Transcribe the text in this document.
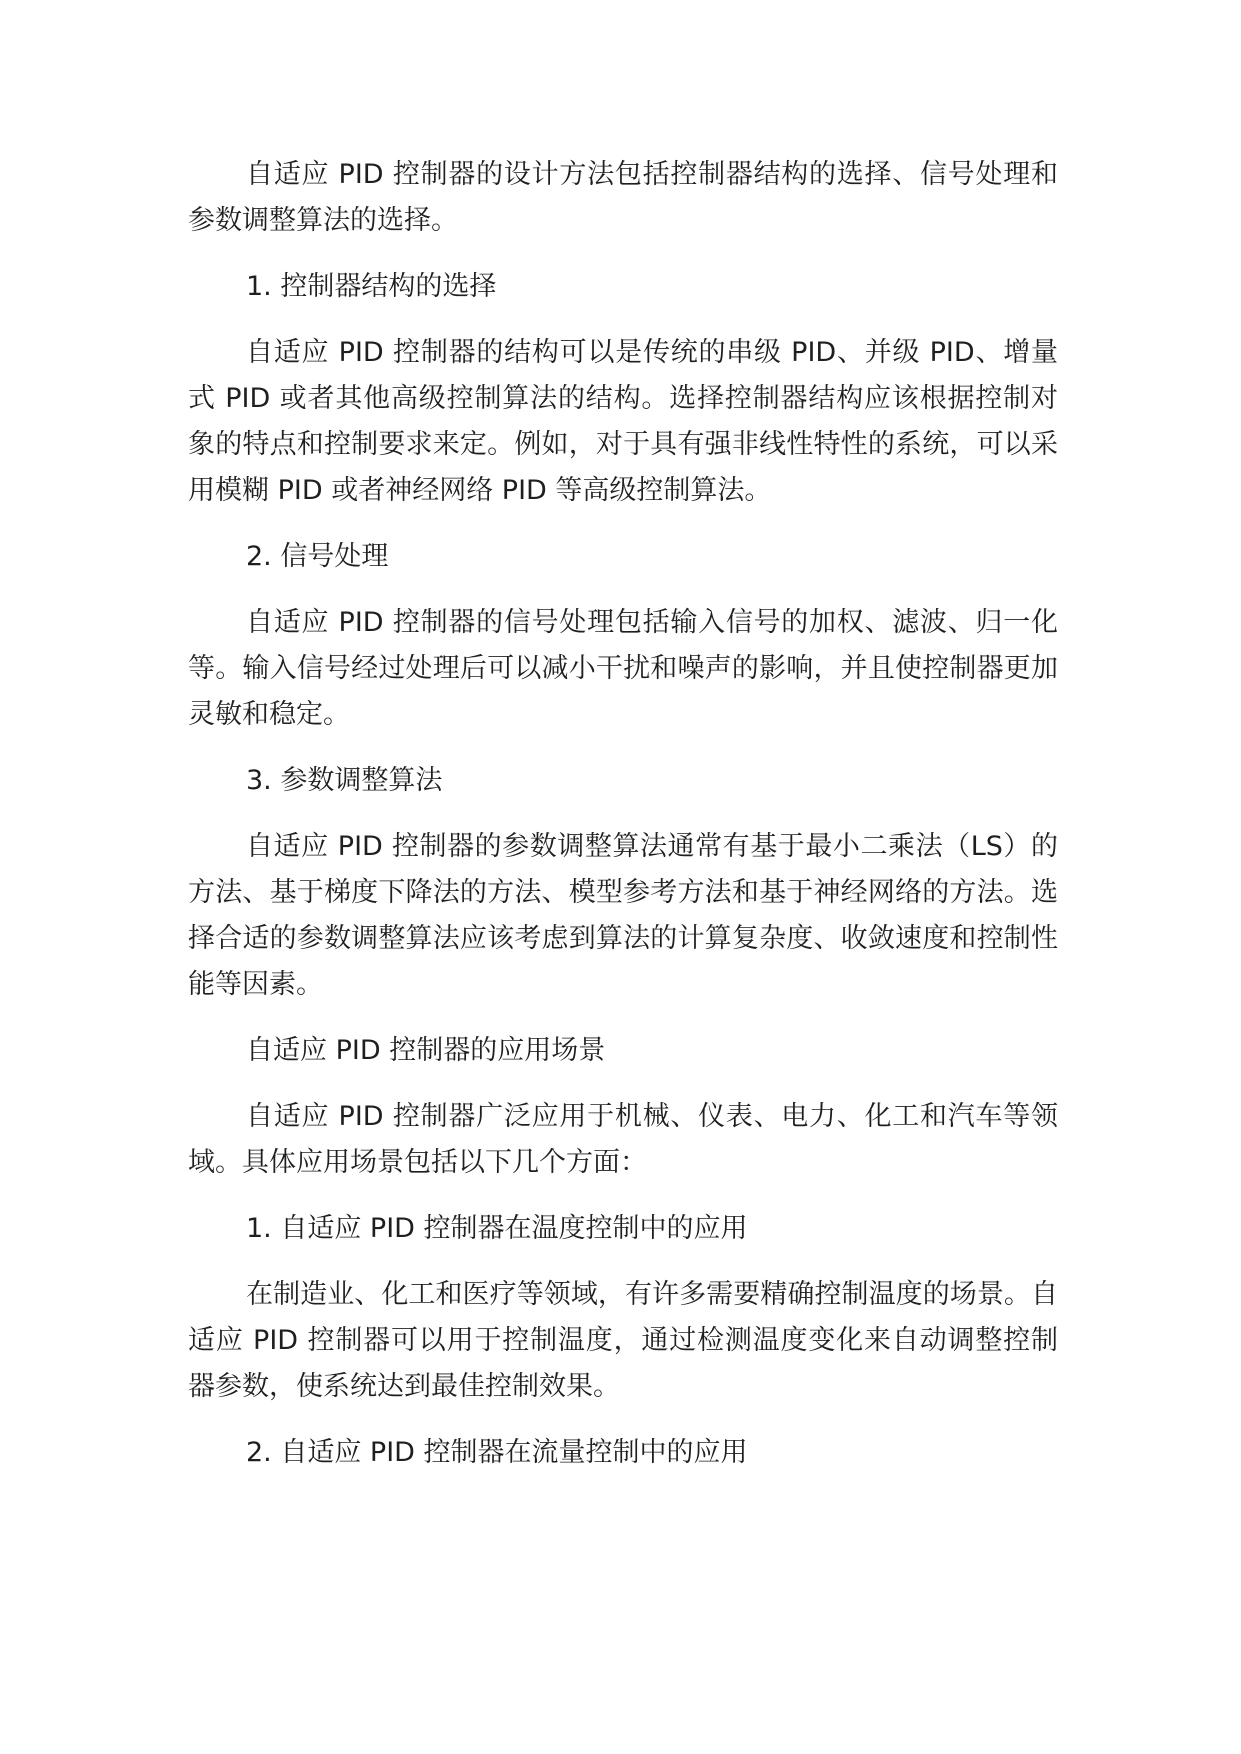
自适应 PID 控制器的设计方法包括控制器结构的选择、信号处理和参数调整算法的选择。

1. 控制器结构的选择

自适应 PID 控制器的结构可以是传统的串级 PID、并级 PID、增量式 PID 或者其他高级控制算法的结构。选择控制器结构应该根据控制对象的特点和控制要求来定。例如，对于具有强非线性特性的系统，可以采用模糊 PID 或者神经网络 PID 等高级控制算法。

2. 信号处理

自适应 PID 控制器的信号处理包括输入信号的加权、滤波、归一化等。输入信号经过处理后可以减小干扰和噪声的影响，并且使控制器更加灵敏和稳定。

3. 参数调整算法

自适应 PID 控制器的参数调整算法通常有基于最小二乘法（LS）的方法、基于梯度下降法的方法、模型参考方法和基于神经网络的方法。选择合适的参数调整算法应该考虑到算法的计算复杂度、收敛速度和控制性能等因素。

自适应 PID 控制器的应用场景

自适应 PID 控制器广泛应用于机械、仪表、电力、化工和汽车等领域。具体应用场景包括以下几个方面：

1. 自适应 PID 控制器在温度控制中的应用

在制造业、化工和医疗等领域，有许多需要精确控制温度的场景。自适应 PID 控制器可以用于控制温度，通过检测温度变化来自动调整控制器参数，使系统达到最佳控制效果。

2. 自适应 PID 控制器在流量控制中的应用
